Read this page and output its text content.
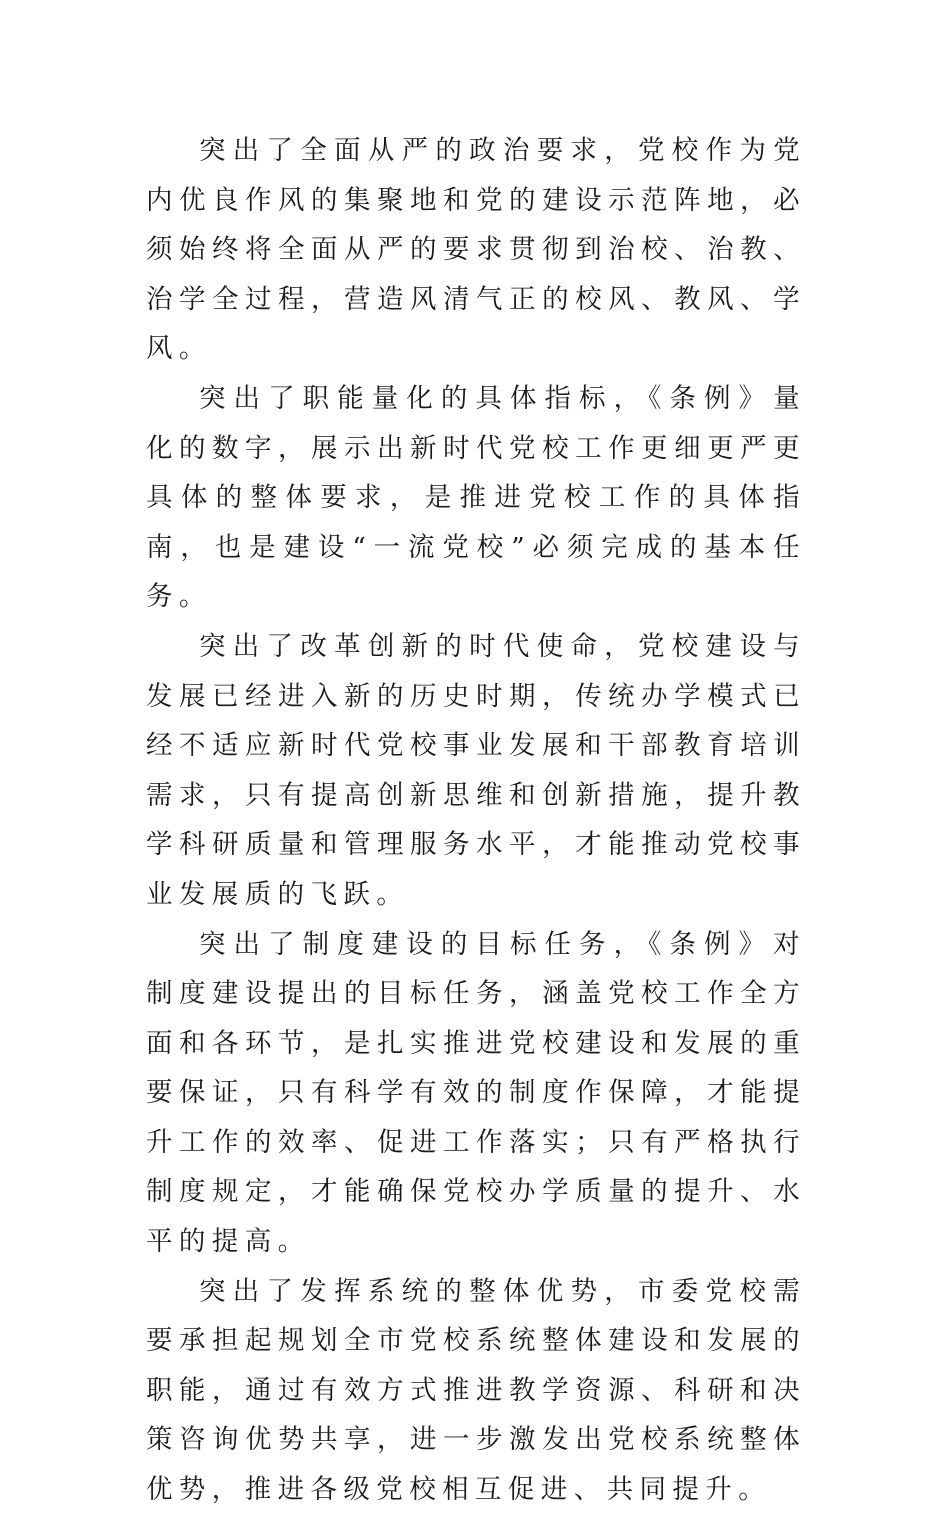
突出了全面从严的政治要求，党校作为党内优良作风的集聚地和党的建设示范阵地，必须始终将全面从严的要求贯彻到治校、治教、治学全过程，营造风清气正的校风、教风、学风。

突出了职能量化的具体指标，《条例》量化的数字，展示出新时代党校工作更细更严更具体的整体要求，是推进党校工作的具体指南，也是建设“一流党校”必须完成的基本任务。

突出了改革创新的时代使命，党校建设与发展已经进入新的历史时期，传统办学模式已经不适应新时代党校事业发展和干部教育培训需求，只有提高创新思维和创新措施，提升教学科研质量和管理服务水平，才能推动党校事业发展质的飞跃。

突出了制度建设的目标任务，《条例》对制度建设提出的目标任务，涵盖党校工作全方面和各环节，是扎实推进党校建设和发展的重要保证，只有科学有效的制度作保障，才能提升工作的效率、促进工作落实；只有严格执行制度规定，才能确保党校办学质量的提升、水平的提高。

突出了发挥系统的整体优势，市委党校需要承担起规划全市党校系统整体建设和发展的职能，通过有效方式推进教学资源、科研和决策咨询优势共享，进一步激发出党校系统整体优势，推进各级党校相互促进、共同提升。
